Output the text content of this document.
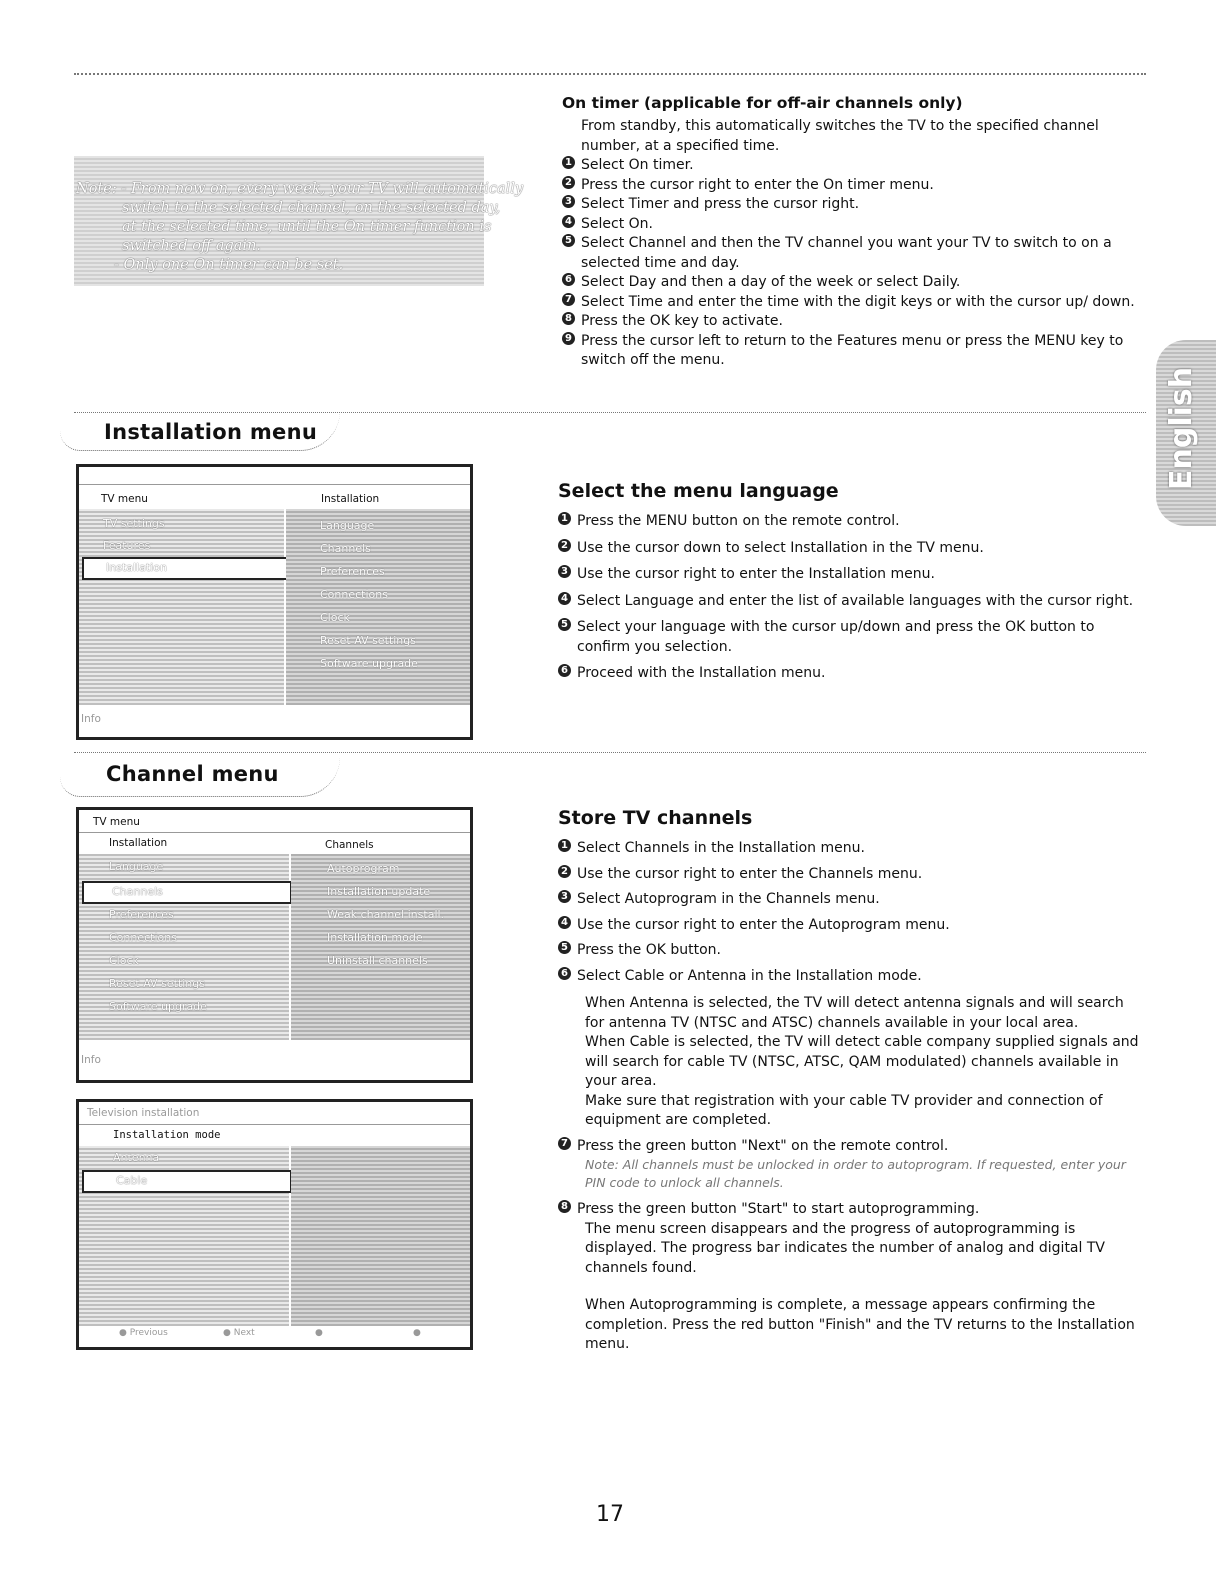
Note: - From now on, every week, your TV will automatically
switch to the selected channel, on the selected day,
at the selected time, until the On timer function is
switched off again.
- Only one On timer can be set.
On timer (applicable for off-air channels only)
From standby, this automatically switches the TV to the specified channel number, at a specified time.
1 Select On timer.
2 Press the cursor right to enter the On timer menu.
3 Select Timer and press the cursor right.
4 Select On.
5 Select Channel and then the TV channel you want your TV to switch to on a selected time and day.
6 Select Day and then a day of the week or select Daily.
7 Select Time and enter the time with the digit keys or with the cursor up/ down.
8 Press the OK key to activate.
9 Press the cursor left to return to the Features menu or press the MENU key to switch off the menu.
English
Installation menu
TV menu	Installation
TV settings
Features
Installation
Language
Channels
Preferences
Connections
Clock
Reset AV settings
Software upgrade
Info
Select the menu language
1 Press the MENU button on the remote control.
2 Use the cursor down to select Installation in the TV menu.
3 Use the cursor right to enter the Installation menu.
4 Select Language and enter the list of available languages with the cursor right.
5 Select your language with the cursor up/down and press the OK button to confirm you selection.
6 Proceed with the Installation menu.
Channel menu
TV menu
Installation	Channels
Language
Preferences
Connections
Clock
Reset AV settings
Software upgrade
Channels
Autoprogram
Installation update
Weak channel install.
Installation mode
Uninstall channels
Info
Television installation
Installation mode
Antenna
Cable
● Previous	● Next	●	●
Store TV channels
1 Select Channels in the Installation menu.
2 Use the cursor right to enter the Channels menu.
3 Select Autoprogram in the Channels menu.
4 Use the cursor right to enter the Autoprogram menu.
5 Press the OK button.
6 Select Cable or Antenna in the Installation mode.
When Antenna is selected, the TV will detect antenna signals and will search for antenna TV (NTSC and ATSC) channels available in your local area.
When Cable is selected, the TV will detect cable company supplied signals and will search for cable TV (NTSC, ATSC, QAM modulated) channels available in your area.
Make sure that registration with your cable TV provider and connection of equipment are completed.
7 Press the green button "Next" on the remote control.
Note: All channels must be unlocked in order to autoprogram. If requested, enter your PIN code to unlock all channels.
8 Press the green button "Start" to start autoprogramming.
The menu screen disappears and the progress of autoprogramming is displayed. The progress bar indicates the number of analog and digital TV channels found.
When Autoprogramming is complete, a message appears confirming the completion. Press the red button "Finish" and the TV returns to the Installation menu.
17
